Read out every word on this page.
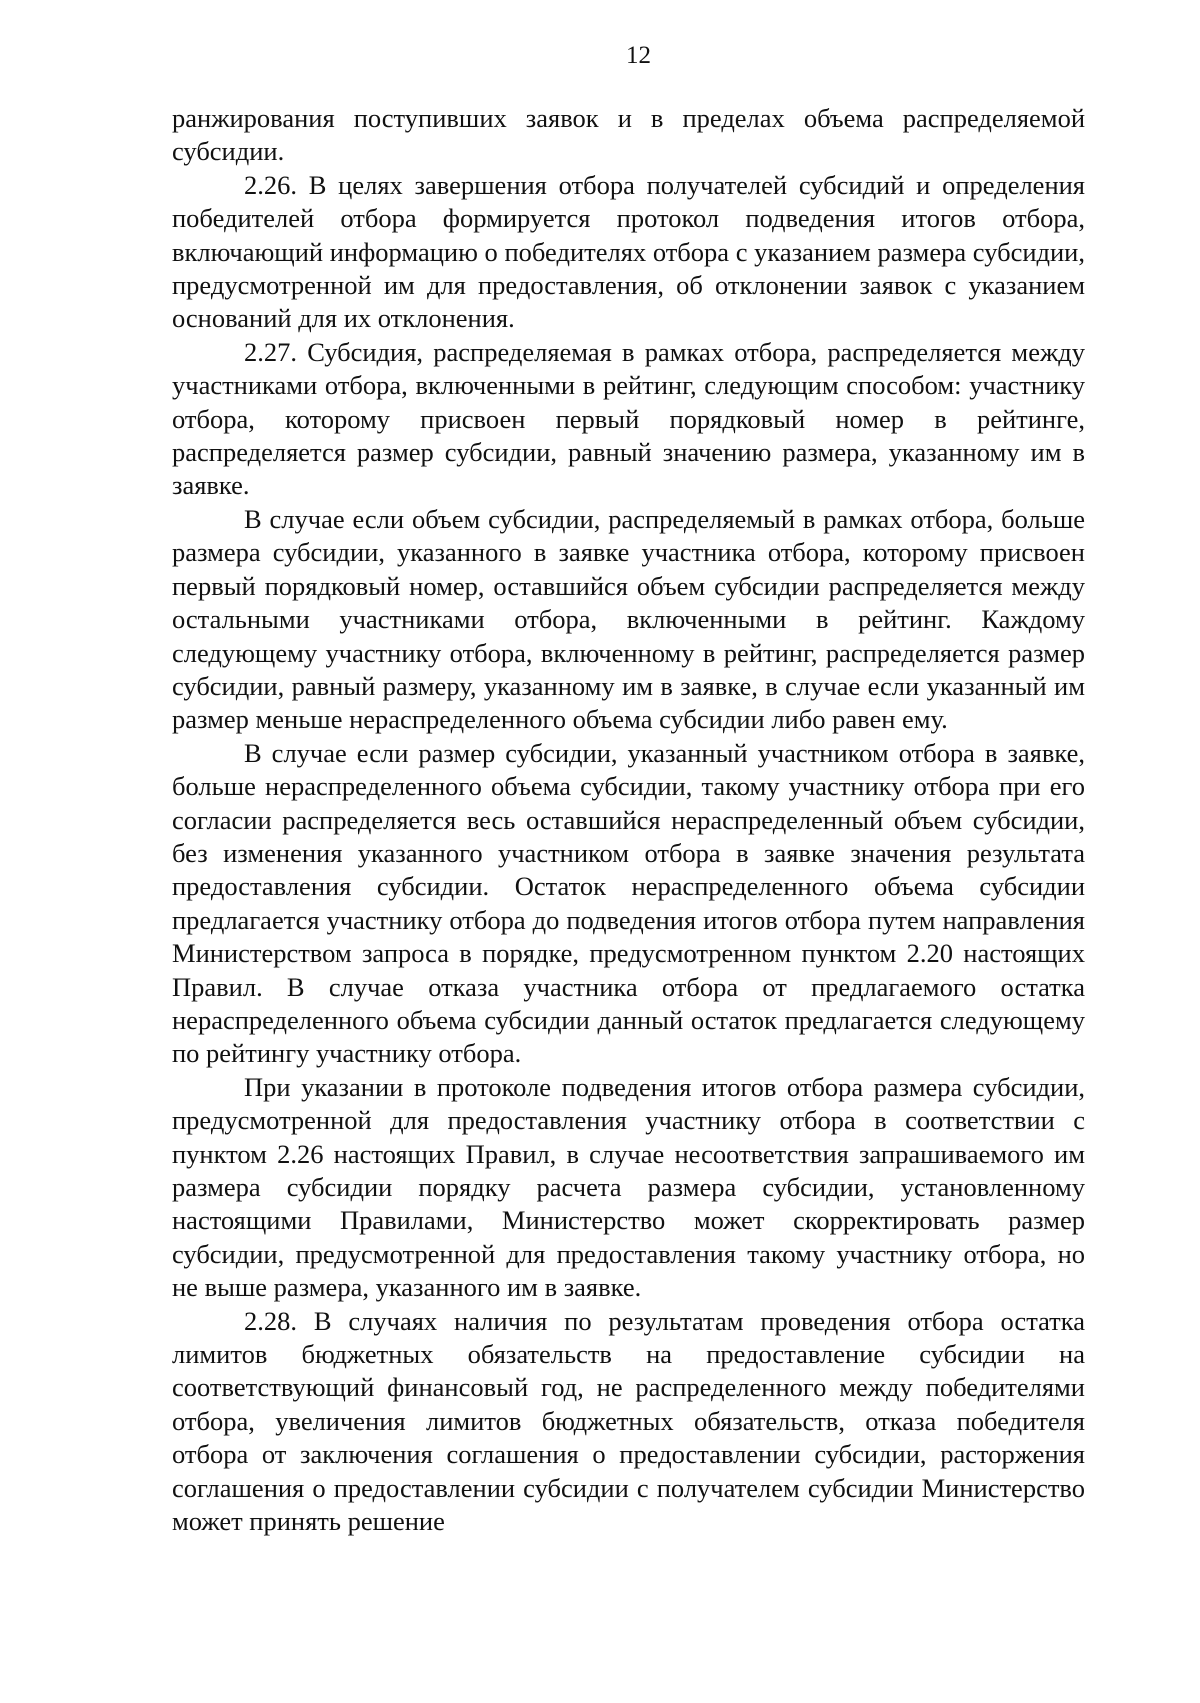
12

ранжирования поступивших заявок и в пределах объема распределяемой субсидии.

2.26. В целях завершения отбора получателей субсидий и определения победителей отбора формируется протокол подведения итогов отбора, включающий информацию о победителях отбора с указанием размера субсидии, предусмотренной им для предоставления, об отклонении заявок с указанием оснований для их отклонения.

2.27. Субсидия, распределяемая в рамках отбора, распределяется между участниками отбора, включенными в рейтинг, следующим способом: участнику отбора, которому присвоен первый порядковый номер в рейтинге, распределяется размер субсидии, равный значению размера, указанному им в заявке.

В случае если объем субсидии, распределяемый в рамках отбора, больше размера субсидии, указанного в заявке участника отбора, которому присвоен первый порядковый номер, оставшийся объем субсидии распределяется между остальными участниками отбора, включенными в рейтинг. Каждому следующему участнику отбора, включенному в рейтинг, распределяется размер субсидии, равный размеру, указанному им в заявке, в случае если указанный им размер меньше нераспределенного объема субсидии либо равен ему.

В случае если размер субсидии, указанный участником отбора в заявке, больше нераспределенного объема субсидии, такому участнику отбора при его согласии распределяется весь оставшийся нераспределенный объем субсидии, без изменения указанного участником отбора в заявке значения результата предоставления субсидии. Остаток нераспределенного объема субсидии предлагается участнику отбора до подведения итогов отбора путем направления Министерством запроса в порядке, предусмотренном пунктом 2.20 настоящих Правил. В случае отказа участника отбора от предлагаемого остатка нераспределенного объема субсидии данный остаток предлагается следующему по рейтингу участнику отбора.

При указании в протоколе подведения итогов отбора размера субсидии, предусмотренной для предоставления участнику отбора в соответствии с пунктом 2.26 настоящих Правил, в случае несоответствия запрашиваемого им размера субсидии порядку расчета размера субсидии, установленному настоящими Правилами, Министерство может скорректировать размер субсидии, предусмотренной для предоставления такому участнику отбора, но не выше размера, указанного им в заявке.

2.28. В случаях наличия по результатам проведения отбора остатка лимитов бюджетных обязательств на предоставление субсидии на соответствующий финансовый год, не распределенного между победителями отбора, увеличения лимитов бюджетных обязательств, отказа победителя отбора от заключения соглашения о предоставлении субсидии, расторжения соглашения о предоставлении субсидии с получателем субсидии Министерство может принять решение
